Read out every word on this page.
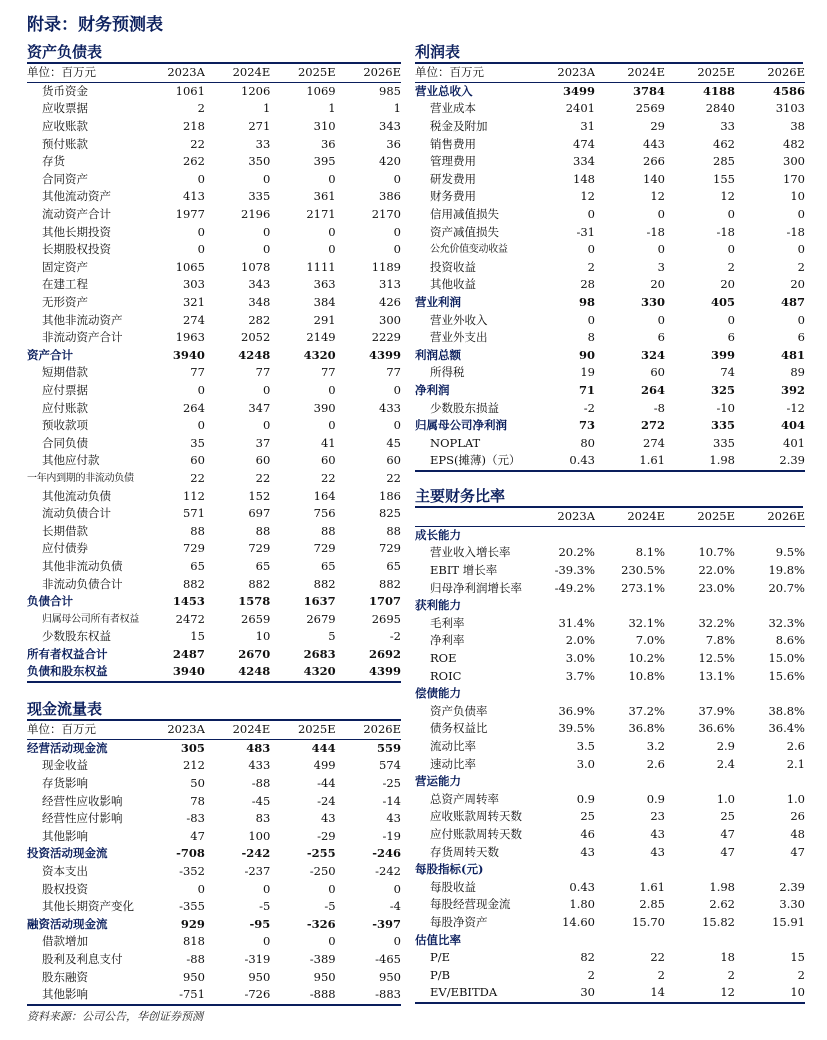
附录：财务预测表
资产负债表
单位：百万元	2023A	2024E	2025E	2026E
货币资金	1061	1206	1069	985
应收票据	2	1	1	1
应收账款	218	271	310	343
预付账款	22	33	36	36
存货	262	350	395	420
合同资产	0	0	0	0
其他流动资产	413	335	361	386
流动资产合计	1977	2196	2171	2170
其他长期投资	0	0	0	0
长期股权投资	0	0	0	0
固定资产	1065	1078	1111	1189
在建工程	303	343	363	313
无形资产	321	348	384	426
其他非流动资产	274	282	291	300
非流动资产合计	1963	2052	2149	2229
资产合计	3940	4248	4320	4399
短期借款	77	77	77	77
应付票据	0	0	0	0
应付账款	264	347	390	433
预收款项	0	0	0	0
合同负债	35	37	41	45
其他应付款	60	60	60	60
一年内到期的非流动负债	22	22	22	22
其他流动负债	112	152	164	186
流动负债合计	571	697	756	825
长期借款	88	88	88	88
应付债券	729	729	729	729
其他非流动负债	65	65	65	65
非流动负债合计	882	882	882	882
负债合计	1453	1578	1637	1707
归属母公司所有者权益	2472	2659	2679	2695
少数股东权益	15	10	5	-2
所有者权益合计	2487	2670	2683	2692
负债和股东权益	3940	4248	4320	4399
现金流量表
单位：百万元	2023A	2024E	2025E	2026E
经营活动现金流	305	483	444	559
现金收益	212	433	499	574
存货影响	50	-88	-44	-25
经营性应收影响	78	-45	-24	-14
经营性应付影响	-83	83	43	43
其他影响	47	100	-29	-19
投资活动现金流	-708	-242	-255	-246
资本支出	-352	-237	-250	-242
股权投资	0	0	0	0
其他长期资产变化	-355	-5	-5	-4
融资活动现金流	929	-95	-326	-397
借款增加	818	0	0	0
股利及利息支付	-88	-319	-389	-465
股东融资	950	950	950	950
其他影响	-751	-726	-888	-883
利润表
单位：百万元	2023A	2024E	2025E	2026E
营业总收入	3499	3784	4188	4586
营业成本	2401	2569	2840	3103
税金及附加	31	29	33	38
销售费用	474	443	462	482
管理费用	334	266	285	300
研发费用	148	140	155	170
财务费用	12	12	12	10
信用减值损失	0	0	0	0
资产减值损失	-31	-18	-18	-18
公允价值变动收益	0	0	0	0
投资收益	2	3	2	2
其他收益	28	20	20	20
营业利润	98	330	405	487
营业外收入	0	0	0	0
营业外支出	8	6	6	6
利润总额	90	324	399	481
所得税	19	60	74	89
净利润	71	264	325	392
少数股东损益	-2	-8	-10	-12
归属母公司净利润	73	272	335	404
NOPLAT	80	274	335	401
EPS(摊薄)（元）	0.43	1.61	1.98	2.39
主要财务比率
	2023A	2024E	2025E	2026E
成长能力				
营业收入增长率	20.2%	8.1%	10.7%	9.5%
EBIT 增长率	-39.3%	230.5%	22.0%	19.8%
归母净利润增长率	-49.2%	273.1%	23.0%	20.7%
获利能力				
毛利率	31.4%	32.1%	32.2%	32.3%
净利率	2.0%	7.0%	7.8%	8.6%
ROE	3.0%	10.2%	12.5%	15.0%
ROIC	3.7%	10.8%	13.1%	15.6%
偿债能力				
资产负债率	36.9%	37.2%	37.9%	38.8%
债务权益比	39.5%	36.8%	36.6%	36.4%
流动比率	3.5	3.2	2.9	2.6
速动比率	3.0	2.6	2.4	2.1
营运能力				
总资产周转率	0.9	0.9	1.0	1.0
应收账款周转天数	25	23	25	26
应付账款周转天数	46	43	47	48
存货周转天数	43	43	47	47
每股指标(元)				
每股收益	0.43	1.61	1.98	2.39
每股经营现金流	1.80	2.85	2.62	3.30
每股净资产	14.60	15.70	15.82	15.91
估值比率				
P/E	82	22	18	15
P/B	2	2	2	2
EV/EBITDA	30	14	12	10
资料来源：公司公告，华创证券预测
